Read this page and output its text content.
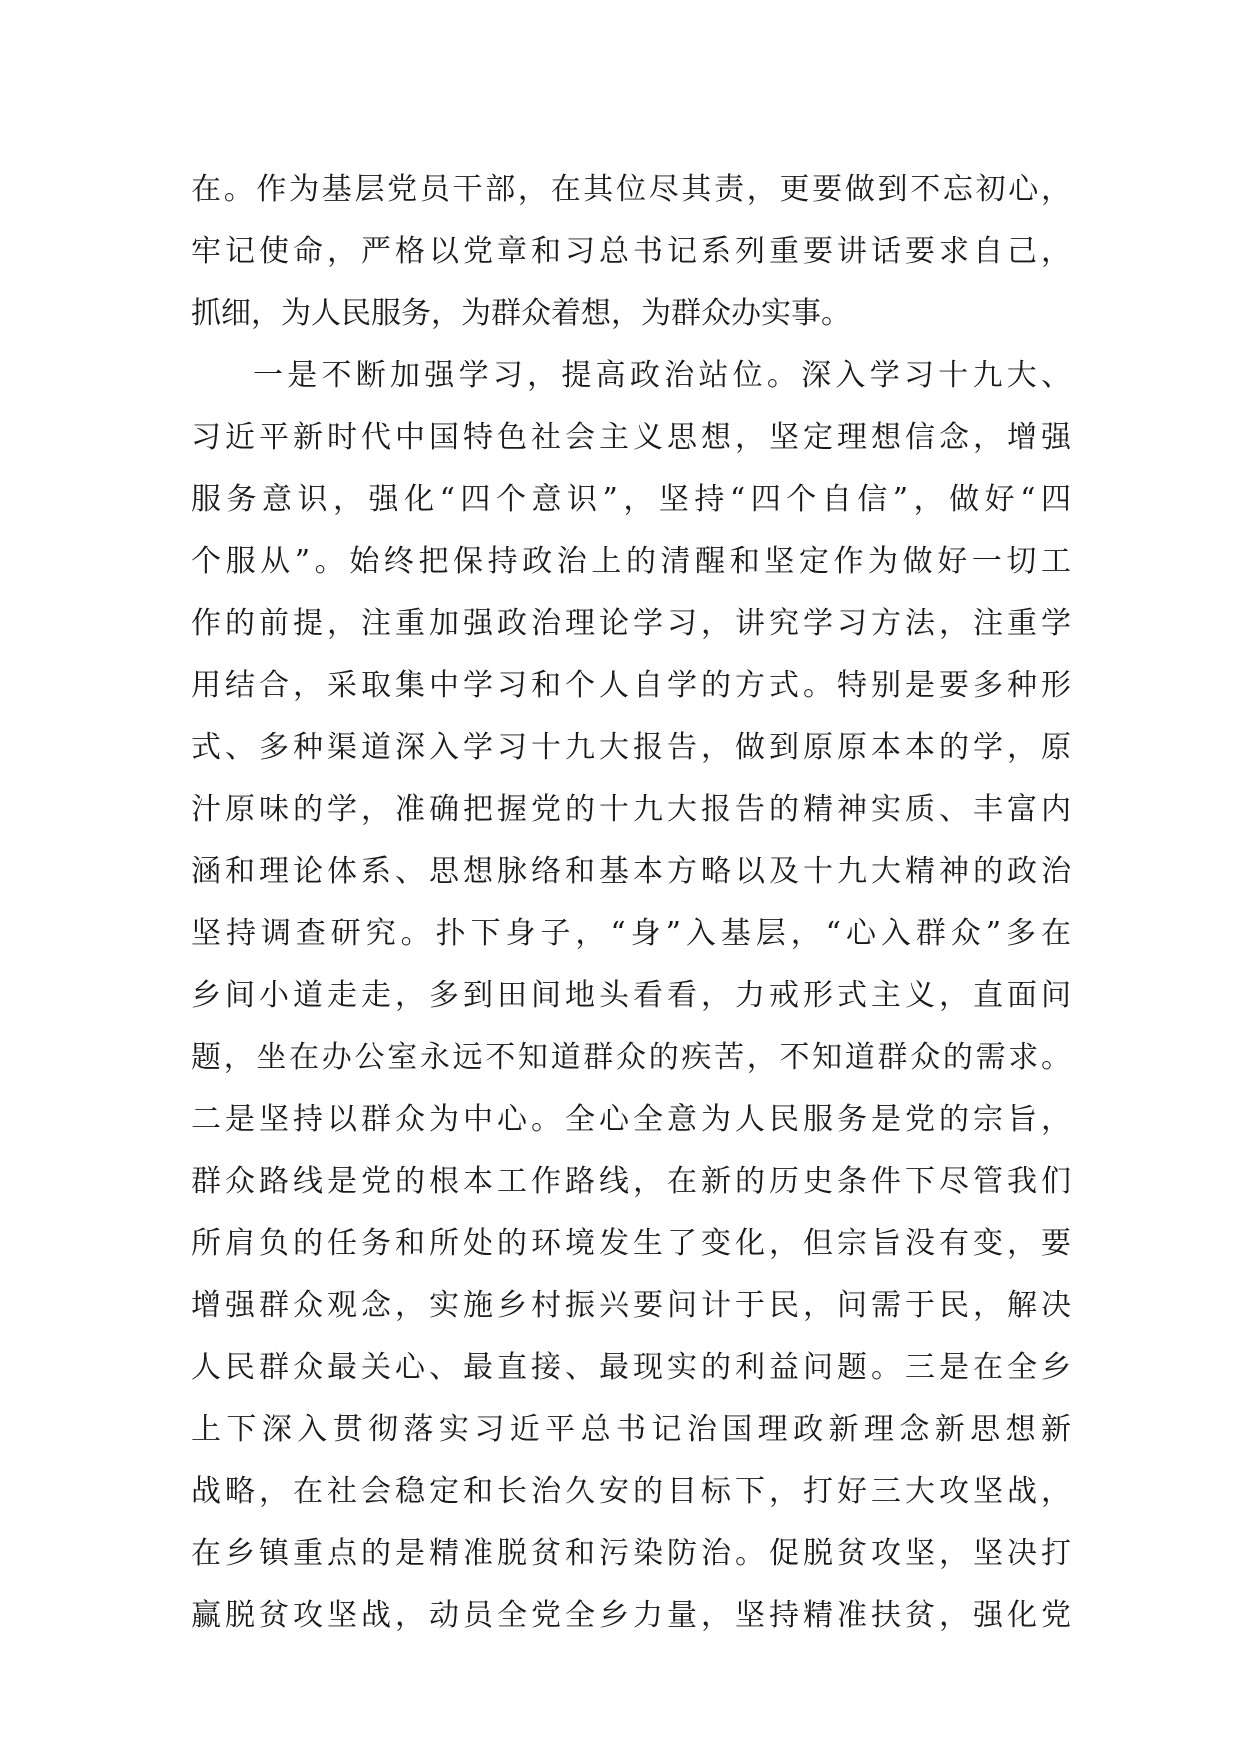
在。作为基层党员干部，在其位尽其责，更要做到不忘初心，
牢记使命，严格以党章和习总书记系列重要讲话要求自己，
抓细，为人民服务，为群众着想，为群众办实事。
一是不断加强学习，提高政治站位。深入学习十九大、
习近平新时代中国特色社会主义思想，坚定理想信念，增强
服务意识，强化“四个意识”，坚持“四个自信”，做好“四
个服从”。始终把保持政治上的清醒和坚定作为做好一切工
作的前提，注重加强政治理论学习，讲究学习方法，注重学
用结合，采取集中学习和个人自学的方式。特别是要多种形
式、多种渠道深入学习十九大报告，做到原原本本的学，原
汁原味的学，准确把握党的十九大报告的精神实质、丰富内
涵和理论体系、思想脉络和基本方略以及十九大精神的政治
坚持调查研究。扑下身子，“身”入基层，“心入群众”多在
乡间小道走走，多到田间地头看看，力戒形式主义，直面问
题，坐在办公室永远不知道群众的疾苦，不知道群众的需求。
二是坚持以群众为中心。全心全意为人民服务是党的宗旨，
群众路线是党的根本工作路线，在新的历史条件下尽管我们
所肩负的任务和所处的环境发生了变化，但宗旨没有变，要
增强群众观念，实施乡村振兴要问计于民，问需于民，解决
人民群众最关心、最直接、最现实的利益问题。三是在全乡
上下深入贯彻落实习近平总书记治国理政新理念新思想新
战略，在社会稳定和长治久安的目标下，打好三大攻坚战，
在乡镇重点的是精准脱贫和污染防治。促脱贫攻坚，坚决打
赢脱贫攻坚战，动员全党全乡力量，坚持精准扶贫，强化党
